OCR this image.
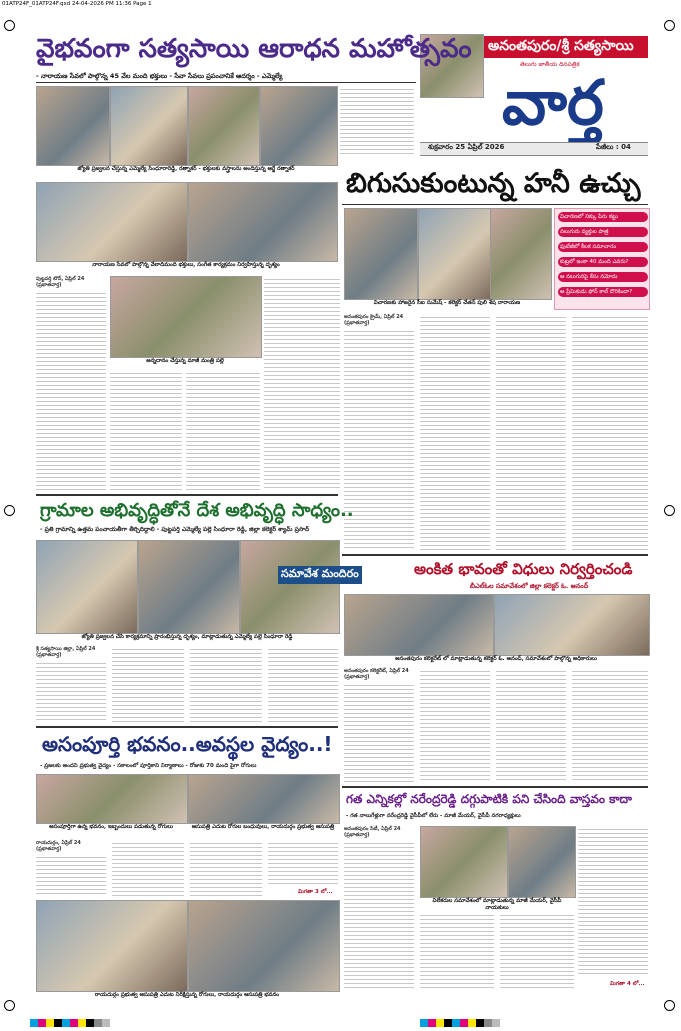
01ATP24F_01ATP24F.qxd 24-04-2026 PM 11:36 Page 1
అనంతపురం/శ్రీ సత్యసాయి
తెలుగు జాతీయ దినపత్రిక
వార్త
శుక్రవారం 25 ఏప్రిల్ 2026	పేజీలు : 04
వైభవంగా సత్యసాయి ఆరాధన మహోత్సవం
- నారాయణ సేవలో పాల్గొన్న 45 వేల మంది భక్తులు - సేవా సేవలు ప్రపంచానికే ఆదర్శం - ఎమ్మెల్యే
జ్యోతి ప్రజ్వలన చేస్తున్న ఎమ్మెల్యే సింధూరారెడ్డి, రత్నాకర్ - భక్తులకు వస్త్రాలను అందిస్తున్న ఆర్జే రత్నాకర్
నారాయణ సేవలో పాల్గొన్న వేలాదిమంది భక్తులు, సంగీత కార్యక్రమం నిర్వహిస్తున్న దృశ్యం
పుట్టపర్తి టౌన్, ఏప్రిల్ 24 (ప్రభాతవార్త)
అన్నదానం చేస్తున్న మాజీ మంత్రి పల్లె
బిగుసుకుంటున్న హనీ ఉచ్చు
విచారణకు హాజరైన సీఐ సుమేష్ - కలెక్టర్ చేతన్ పులి శేష నారాయణ
విచారణలో నిక్కు పేరు కట్టు
నలుగురు వ్యక్తుల పాత్ర
ఫుటేజీలో కీలక సమాచారం
కుట్రలో ఇంకా 40 మంది ఎవరు?
ఆ నలుగురిపై కేసు నమోదు
ఆ ప్రేమికుడు ఫోన్ కాల్ దొరికిందా?
అనంతపురం క్రైమ్, ఏప్రిల్ 24 (ప్రభాతవార్త)
గ్రామాల అభివృద్ధితోనే దేశ అభివృద్ధి సాధ్యం..
- ప్రతి గ్రామాన్ని ఉత్తమ పంచాయతీగా తీర్చిదిద్దాలి - పుట్టపర్తి ఎమ్మెల్యే పల్లె సింధూరా రెడ్డి, జిల్లా కలెక్టర్ శ్యామ్ ప్రసాద్
సమావేశ మందిరం
జ్యోతి ప్రజ్వలన చేసి కార్యక్రమాన్ని ప్రారంభిస్తున్న దృశ్యం, మాట్లాడుతున్న ఎమ్మెల్యే పల్లె సింధూరా రెడ్డి
శ్రీ సత్యసాయి జిల్లా, ఏప్రిల్ 24 (ప్రభాతవార్త)
అంకిత భావంతో విధులు నిర్వర్తించండి
బీఎల్ఓల సమావేశంలో జిల్లా కలెక్టర్ ఓ. ఆనంద్
అనంతపురం కలెక్టరేట్ లో మాట్లాడుతున్న కలెక్టర్ ఓ. ఆనంద్, సమావేశంలో పాల్గొన్న అధికారులు
అనంతపురం కలెక్టరేట్, ఏప్రిల్ 24 (ప్రభాతవార్త)
అసంపూర్తి భవనం..అవస్థల వైద్యం..!
- ప్రజలకు అందని ప్రభుత్వ వైద్యం - సకాలంలో పూర్తికాని నిర్మాణాలు - రోజుకు 70 మంది పైగా రోగులు
అసంపూర్తిగా ఉన్న భవనం, ఇబ్బందులు పడుతున్న రోగులు	ఆసుపత్రి ఎదుట రోగుల బంధువులు, రాయదుర్గం ప్రభుత్వ ఆసుపత్రి
రాయదుర్గం, ఏప్రిల్ 24 (ప్రభాతవార్త)
మిగతా 3 లో...
రాయదుర్గం ప్రభుత్వ ఆసుపత్రి ఎదుట నిరీక్షిస్తున్న రోగులు, రాయదుర్గం ఆసుపత్రి భవనం
గత ఎన్నికల్లో నరేంద్రరెడ్డి దగ్గుపాటికి పని చేసింది వాస్తవం కాదా
- గత నాలుగేళ్లుగా నరేంద్రరెడ్డి వైసీపీలో లేరు - మాజీ మేయర్, వైసీపీ నగరాధ్యక్షులు
అనంతపురం సిటీ, ఏప్రిల్ 24 (ప్రభాతవార్త)
విలేకరుల సమావేశంలో మాట్లాడుతున్న మాజీ మేయర్, వైసీపీ నాయకులు
మిగతా 4 లో...
